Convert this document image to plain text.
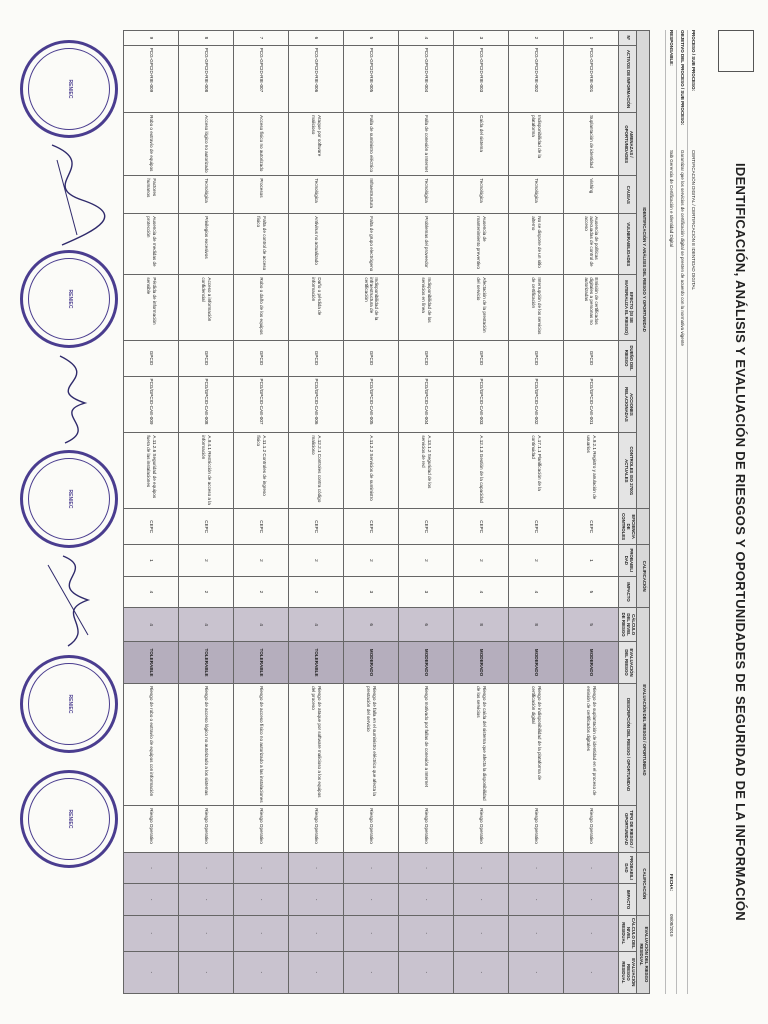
IDENTIFICACIÓN, ANÁLISIS Y EVALUACIÓN DE RIESGOS Y OPORTUNIDADES DE SEGURIDAD DE LA INFORMACIÓN
PROCESO / SUB PROCESO:
CERTIFICACIÓN DIGITAL / CERTIFICACIÓN E IDENTIDAD DIGITAL
OBJETIVO DEL PROCESO / SUB PROCESO:
Garantizar que los servicios de certificación digital se presten de acuerdo con la normativa vigente
RESPONSABLE:
Sub Gerencia de Certificación e Identidad Digital
FECHA:
09/08/2019
IDENTIFICACIÓN Y ANÁLISIS DEL RIESGO Y OPORTUNIDAD										CALIFICACIÓN		EVALUACIÓN DEL RIESGO / OPORTUNIDAD				CALIFICACIÓN		EVALUACIÓN DEL RIESGO RESIDUAL	
N°	ACTIVOS DE INFORMACIÓN	AMENAZAS / OPORTUNIDADES	CAUSAS	VULNERABILIDADES	EFECTO (SI SE MATERIALIZA EL RIESGO)	DUEÑO DEL RIESGO	ACCIONES RELACIONADAS	CONTROLES ISO 27001 ACTUALES	EFICIENCIA DE CONTROLES	PROBABILIDAD	IMPACTO	CÁLCULO DEL NIVEL DE RIESGO	EVALUACIÓN DEL RIESGO	DESCRIPCIÓN DEL RIESGO / OPORTUNIDAD	TIPO DE RIESGO / OPORTUNIDAD	PROBABILIDAD	IMPACTO	CÁLCULO DEL NIVEL RESIDUAL	EVALUACIÓN RIESGO RESIDUAL
1	PCG-GPCID-RIE-001	Suplantación de identidad	Vishing	Ausencia de políticas adecuadas de control de acceso	Emisión de certificados digitales a personas no autorizadas	GPCID	PCG/GPCID-CAE-001	A.9.2.1 Registro y anulación de usuarios	CEPC	1	5	5	MODERADO	Riesgo de suplantación de identidad en el proceso de emisión de certificados digitales	Riesgo Operativo	-	-	-	-
2	PCG-GPCID-RIE-002	Indisponibilidad de la plataforma	Tecnológica	No se dispone de un sitio alterno	Interrupción de los servicios de certificación	GPCID	PCG/GPCID-CAE-002	A.17.1.1 Planificación de la continuidad	CEPC	2	4	8	MODERADO	Riesgo de indisponibilidad de la plataforma de certificación digital	Riesgo Operativo	-	-	-	-
3	PCG-GPCID-RIE-003	Caída del sistema	Tecnológica	Ausencia de mantenimiento preventivo	Afectación de la prestación del servicio	GPCID	PCG/GPCID-CAE-003	A.12.1.3 Gestión de la capacidad	CEPC	2	4	8	MODERADO	Riesgo de caída del sistema que afecta la disponibilidad de los servicios	Riesgo Operativo	-	-	-	-
4	PCG-GPCID-RIE-004	Falla de conexión a Internet	Tecnológica	Problemas del proveedor	Indisponibilidad de los servicios en línea	GPCID	PCG/GPCID-CAE-004	A.13.1.2 Seguridad de los servicios de red	CEPC	2	3	6	MODERADO	Riesgo motivado por fallas de conexión a Internet	Riesgo Operativo	-	-	-	-
5	PCG-GPCID-RIE-005	Falla de suministro eléctrico	Infraestructura	Falta de grupo electrógeno	Indisponibilidad de la infraestructura de certificación	GPCID	PCG/GPCID-CAE-005	A.11.2.2 Servicios de suministro	CEPC	2	3	6	MODERADO	Riesgo de falla en el suministro eléctrico que afecta la prestación del servicio	Riesgo Operativo	-	-	-	-
6	PCG-GPCID-RIE-006	Ataque por software malicioso	Tecnológica	Antivirus no actualizado	Daño o pérdida de información	GPCID	PCG/GPCID-CAE-006	A.12.2.1 Controles contra código malicioso	CEPC	2	2	4	TOLERABLE	Riesgo de ataque por software malicioso a los equipos del proceso	Riesgo Operativo	-	-	-	-
7	PCG-GPCID-RIE-007	Acceso físico no autorizado	Procesos	Falta de control de acceso físico	Robo o daño de los equipos	GPCID	PCG/GPCID-CAE-007	A.11.1.2 Controles de ingreso físico	CEPC	2	2	4	TOLERABLE	Riesgo de acceso físico no autorizado a las instalaciones	Riesgo Operativo	-	-	-	-
8	PCG-GPCID-RIE-008	Acceso lógico no autorizado	Tecnológica	Privilegios excesivos	Acceso a información confidencial	GPCID	PCG/GPCID-CAE-008	A.9.4.1 Restricción de acceso a la información	CEPC	2	2	4	TOLERABLE	Riesgo de acceso lógico no autorizado a los sistemas	Riesgo Operativo	-	-	-	-
9	PCG-GPCID-RIE-009	Robo o extravío de equipos	Factores humanos	Ausencia de medidas de protección	Pérdida de información sensible	GPCID	PCG/GPCID-CAE-009	A.11.2.6 Seguridad de equipos fuera de las instalaciones	CEPC	1	4	4	TOLERABLE	Riesgo de robo o extravío de equipos con información	Riesgo Operativo	-	-	-	-
RENIEC
RENIEC
RENIEC
RENIEC
RENIEC
